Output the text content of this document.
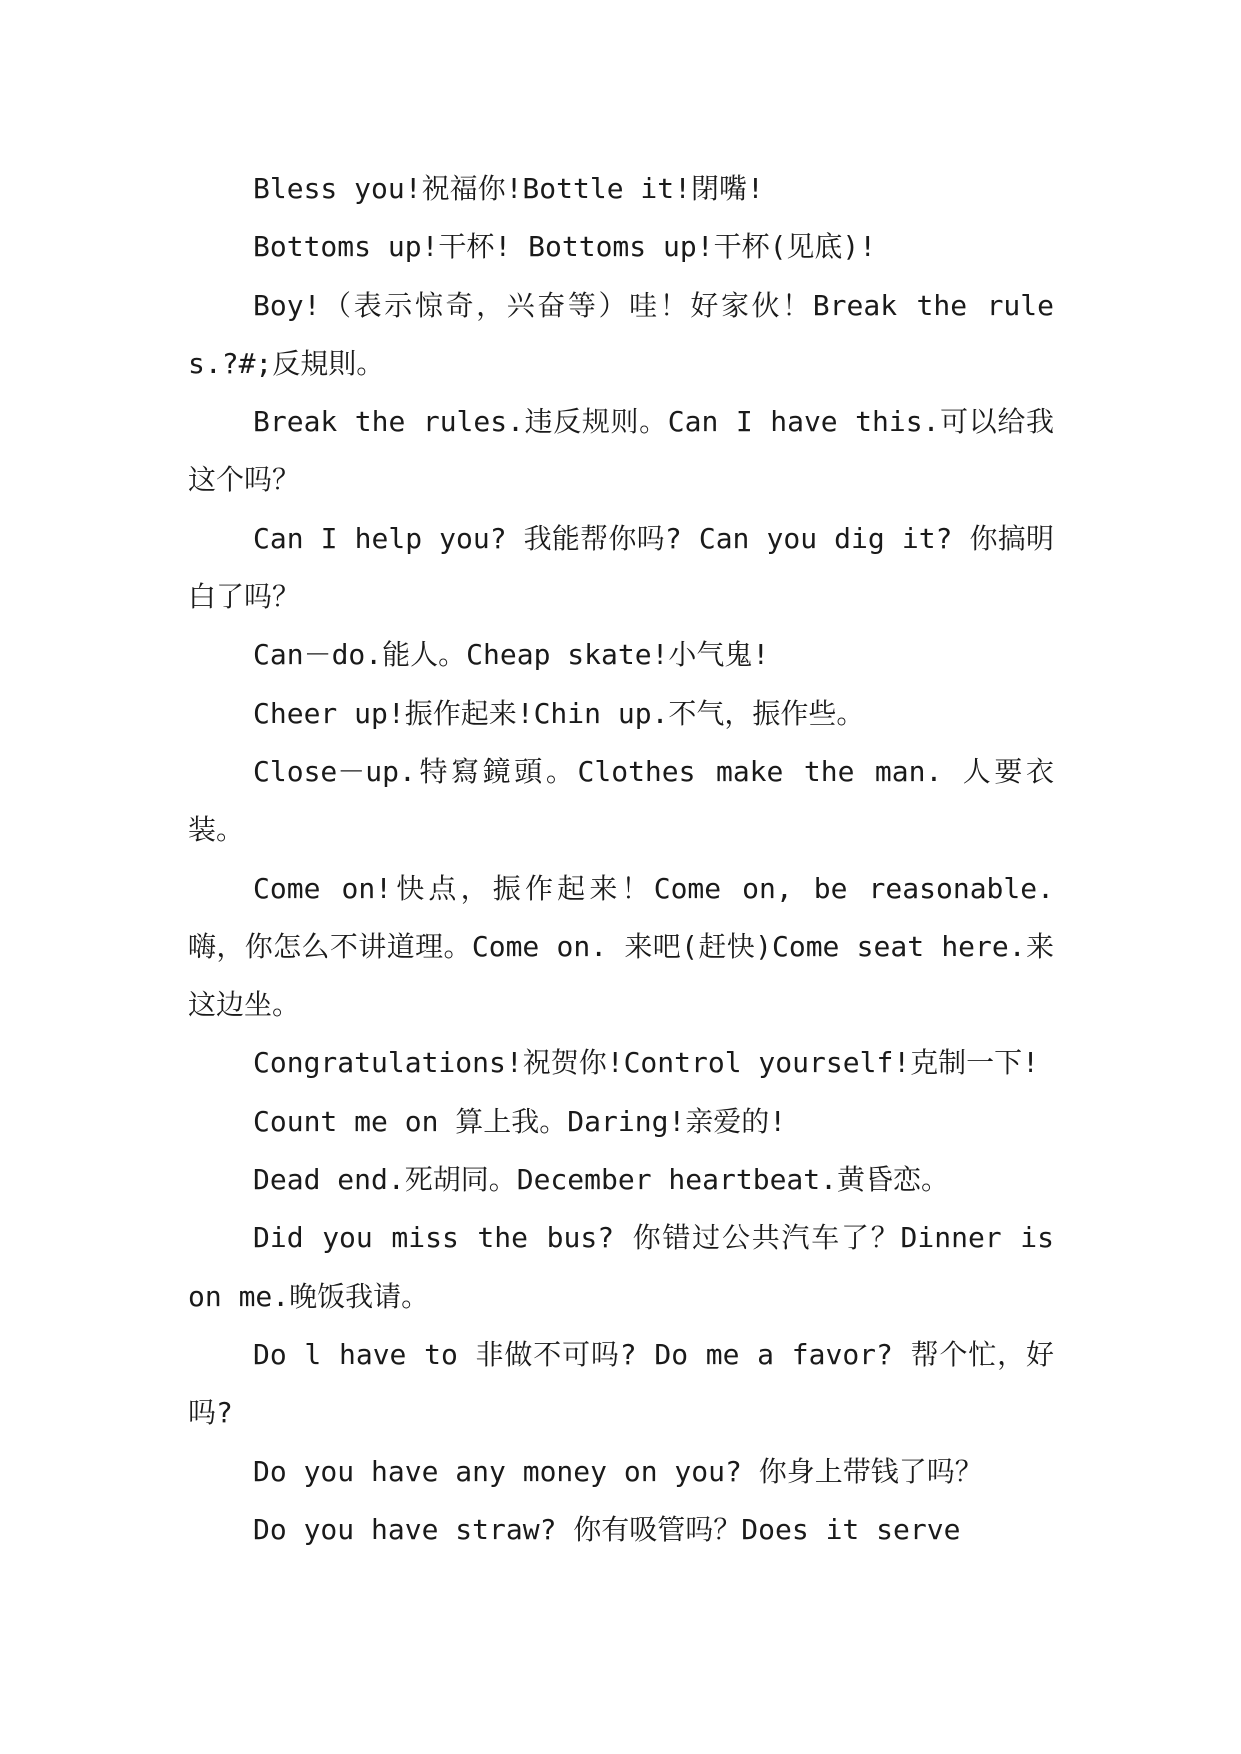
Bless you!祝福你!Bottle it!閉嘴!

Bottoms up!干杯! Bottoms up!干杯(见底)!

Boy!（表示惊奇，兴奋等）哇！好家伙！Break the rules.?#;反規則。

Break the rules.违反规则。Can I have this.可以给我这个吗？

Can I help you? 我能帮你吗? Can you dig it? 你搞明白了吗？

Can－do.能人。Cheap skate!小气鬼!

Cheer up!振作起来!Chin up.不气，振作些。

Close－up.特寫鏡頭。Clothes make the man. 人要衣装。

Come on!快点，振作起来！Come on, be reasonable.嗨，你怎么不讲道理。Come on. 来吧(赶快)Come seat here.来这边坐。

Congratulations!祝贺你!Control yourself!克制一下!

Count me on 算上我。Daring!亲爱的!

Dead end.死胡同。December heartbeat.黄昏恋。

Did you miss the bus? 你错过公共汽车了？Dinner is on me.晚饭我请。

Do l have to 非做不可吗? Do me a favor? 帮个忙，好吗?

Do you have any money on you? 你身上带钱了吗？

Do you have straw? 你有吸管吗？Does it serve
